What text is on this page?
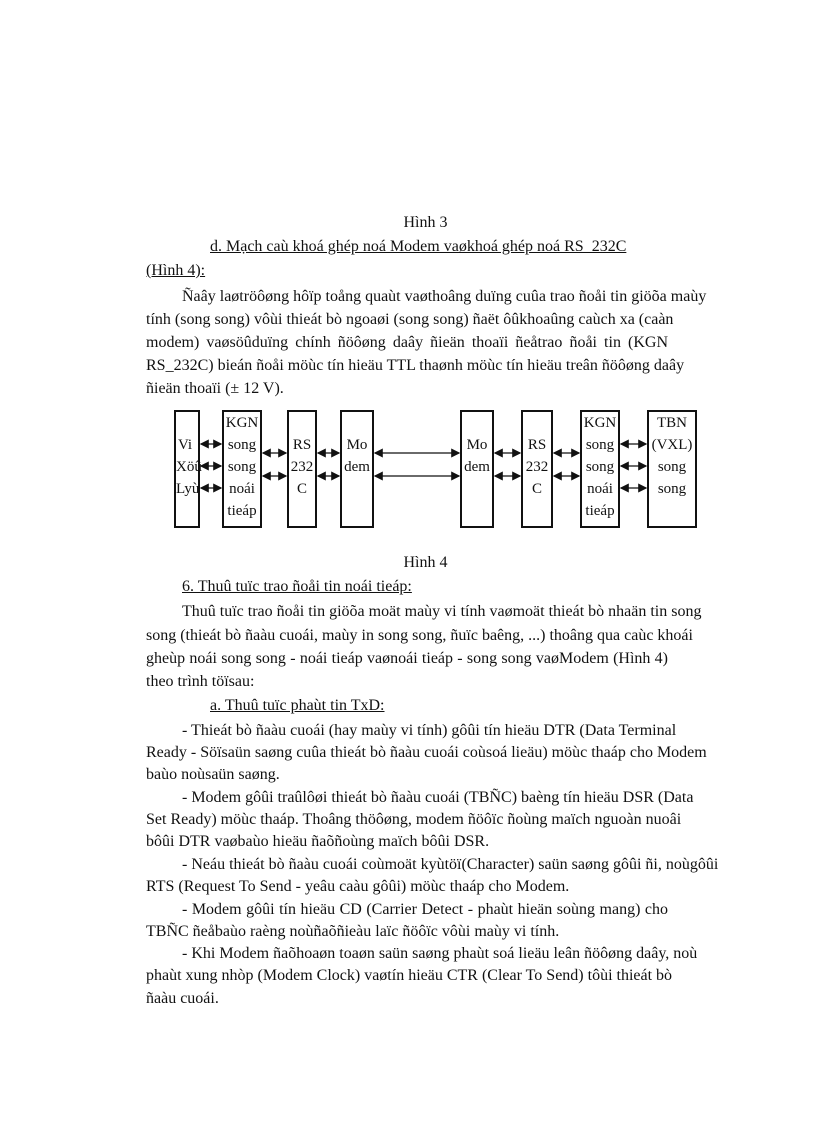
Hình 3
d. Mạch caù khoá ghép noá Modem vaøkhoá ghép noá RS_232C
(Hình 4):
Ñaây laøtröôøng hôïp toång quaùt vaøthoâng duïng cuûa trao ñoåi tin giöõa maùy
tính (song song) vôùi thieát bò ngoaøi (song song) ñaët ôûkhoaûng caùch xa (caàn
modem) vaøsöûduïng chính ñöôøng daây ñieän thoaïi ñeåtrao ñoåi tin (KGN
RS_232C) bieán ñoåi möùc tín hieäu TTL thaønh möùc tín hieäu treân ñöôøng daây
ñieän thoaïi (± 12 V).
Vi
Xöû
Lyù
KGN
song
song
noái
tieáp
RS
232
C
Mo
dem
Mo
dem
RS
232
C
KGN
song
song
noái
tieáp
TBN
(VXL)
song
song
Hình 4
6. Thuû tuïc trao ñoåi tin noái tieáp:
Thuû tuïc trao ñoåi tin giöõa moät maùy vi tính vaømoät thieát bò nhaän tin song
song (thieát bò ñaàu cuoái, maùy in song song, ñuïc baêng, ...) thoâng qua caùc khoái
gheùp noái song song - noái tieáp vaønoái tieáp - song song vaøModem (Hình 4)
theo trình töïsau:
a. Thuû tuïc phaùt tin TxD:
- Thieát bò ñaàu cuoái (hay maùy vi tính) gôûi tín hieäu DTR (Data Terminal
Ready - Söïsaün saøng cuûa thieát bò ñaàu cuoái coùsoá lieäu) möùc thaáp cho Modem
baùo noùsaün saøng.
- Modem gôûi traûlôøi thieát bò ñaàu cuoái (TBÑC) baèng tín hieäu DSR (Data
Set Ready) möùc thaáp. Thoâng thöôøng, modem ñöôïc ñoùng maïch nguoàn nuoâi
bôûi DTR vaøbaùo hieäu ñaõñoùng maïch bôûi DSR.
- Neáu thieát bò ñaàu cuoái coùmoät kyùtöï(Character) saün saøng gôûi ñi, noùgôûi
RTS (Request To Send - yeâu caàu gôûi) möùc thaáp cho Modem.
- Modem gôûi tín hieäu CD (Carrier Detect - phaùt hieän soùng mang) cho
TBÑC ñeåbaùo raèng noùñaõñieàu laïc ñöôïc vôùi maùy vi tính.
- Khi Modem ñaõhoaøn toaøn saün saøng phaùt soá lieäu leân ñöôøng daây, noù
phaùt xung nhòp (Modem Clock) vaøtín hieäu CTR (Clear To Send) tôùi thieát bò
ñaàu cuoái.
